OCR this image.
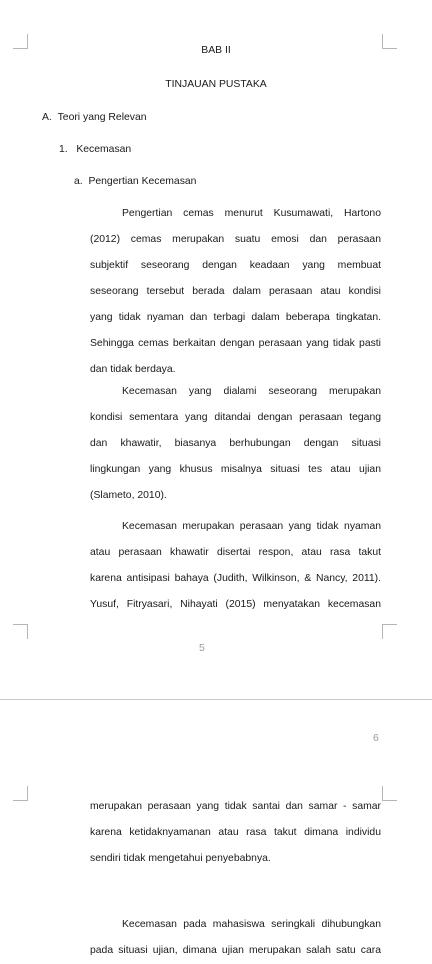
BAB II
TINJAUAN PUSTAKA
A.  Teori yang Relevan
1.   Kecemasan
a.  Pengertian Kecemasan
Pengertian cemas menurut Kusumawati, Hartono
(2012) cemas merupakan suatu emosi dan perasaan
subjektif seseorang dengan keadaan yang membuat
seseorang tersebut berada dalam perasaan atau kondisi
yang tidak nyaman dan terbagi dalam beberapa tingkatan.
Sehingga cemas berkaitan dengan perasaan yang tidak pasti
dan tidak berdaya.
Kecemasan yang dialami seseorang merupakan
kondisi sementara yang ditandai dengan perasaan tegang
dan khawatir, biasanya berhubungan dengan situasi
lingkungan yang khusus misalnya situasi tes atau ujian
(Slameto, 2010).
Kecemasan merupakan perasaan yang tidak nyaman
atau perasaan khawatir disertai respon, atau rasa takut
karena antisipasi bahaya (Judith, Wilkinson, & Nancy, 2011).
Yusuf, Fitryasari, Nihayati (2015) menyatakan kecemasan
5
6
merupakan perasaan yang tidak santai dan samar - samar
karena ketidaknyamanan atau rasa takut dimana individu
sendiri tidak mengetahui penyebabnya.
Kecemasan pada mahasiswa seringkali dihubungkan
pada situasi ujian, dimana ujian merupakan salah satu cara
